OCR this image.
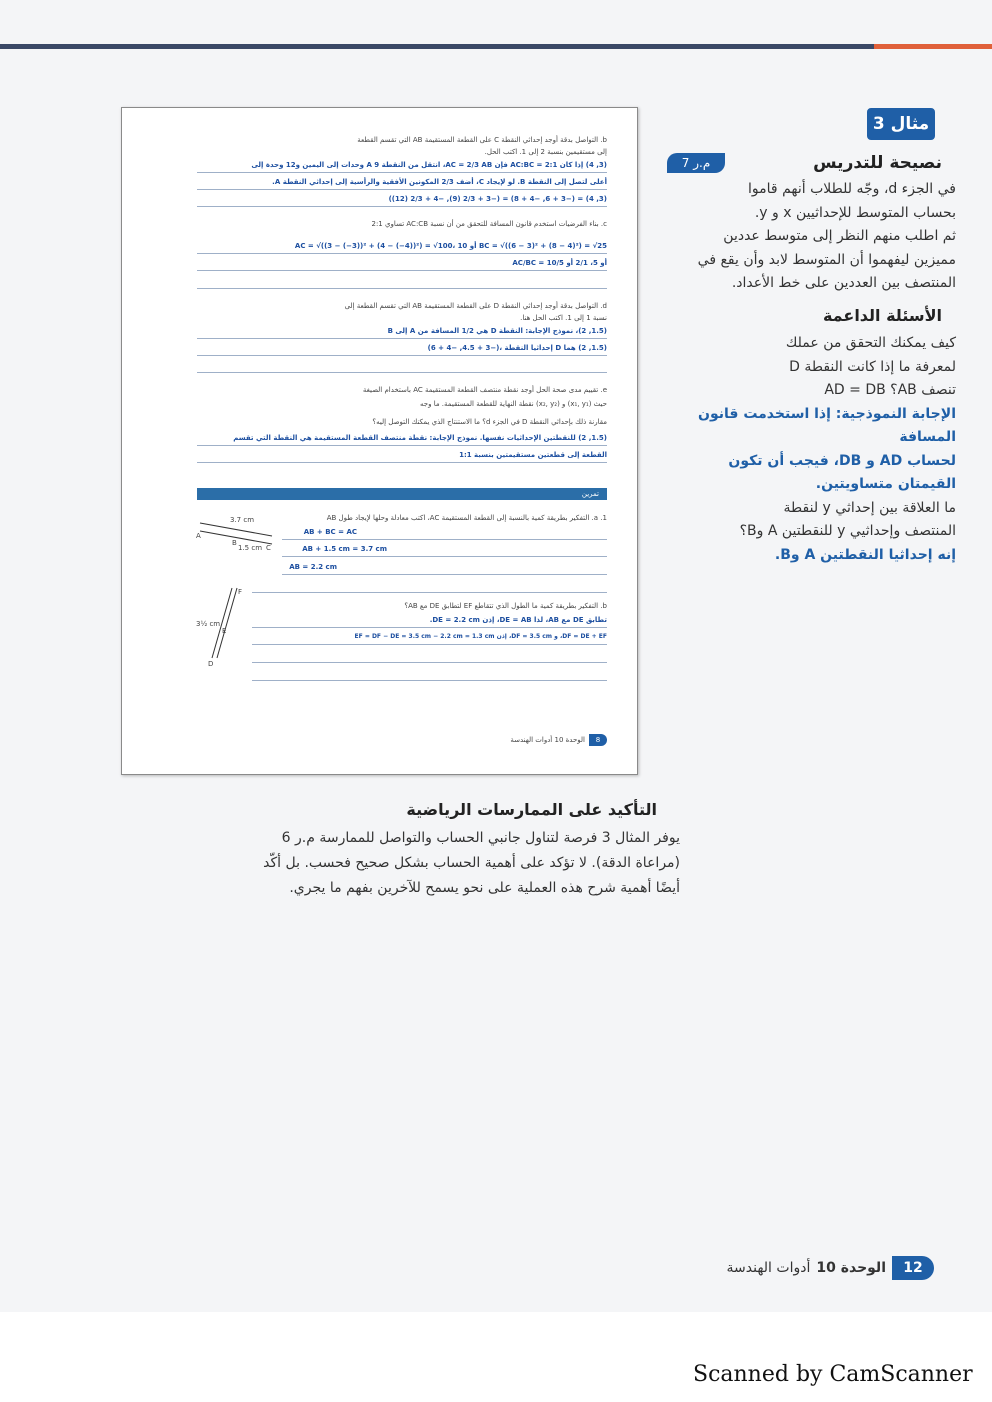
b. التواصل بدقة أوجد إحداثي النقطة C على القطعة المستقيمة AB التي تقسم القطعة
إلى مستقيمين بنسبة 2 إلى 1. اكتب الحل.
(3, 4) إذا كان AC:BC = 2:1 فإن AC = 2/3 AB، انتقل من النقطة A 9 وحدات إلى اليمين و12 وحدة إلى
أعلى لتصل إلى النقطة B. لو لإيجاد C، أضف 2/3 المكونين الأفقية والرأسية إلى إحداثي النقطة A.
(3, 4) = (−3 + 6, −4 + 8) = (−3 + 2/3 (9), −4 + 2/3 (12))
c. بناء الفرضيات استخدم قانون المسافة للتحقق من أن نسبة AC:CB تساوي 2:1
BC = √((6 − 3)² + (8 − 4)²) = √25 أو 10 ،AC = √((3 − (−3))² + (4 − (−4))²) = √100
أو 5، 2/1 أو AC/BC = 10/5
d. التواصل بدقة أوجد إحداثي النقطة D على القطعة المستقيمة AB التي تقسم القطعة إلى
نسبة 1 إلى 1. اكتب الحل هنا.
(1.5, 2)، نموذج الإجابة: النقطة D هي 1/2 المسافة من A إلى B
(1.5, 2) هما D إحداثيا النقطة ،(−3 + 4.5, −4 + 6)
e. تقييم مدى صحة الحل أوجد نقطة منتصف القطعة المستقيمة AC باستخدام الصيغة
حيث (x₁, y₁) و (x₂, y₂) نقطة النهاية للقطعة المستقيمة. ما وجه
مقارنة ذلك بإحداثي النقطة D في الجزء d؟ ما الاستنتاج الذي يمكنك التوصل إليه؟
(1.5, 2) للنقطتين الإحداثيات نفسها. نموذج الإجابة: نقطة منتصف القطعة المستقيمة هي النقطة التي تقسم
القطعة إلى قطعتين مستقيمتين بنسبة 1:1
تمرين
1. a. التفكير بطريقة كمية بالنسبة إلى القطعة المستقيمة AC، اكتب معادلة وحلها لإيجاد طول AB
AB + BC = AC
AB + 1.5 cm = 3.7 cm
AB = 2.2 cm
b. التفكير بطريقة كمية ما الطول الذي تتقاطع EF لتطابق DE مع AB؟
تطابق DE مع AB، لذا DE = AB، إذن DE = 2.2 cm.
DF = DE + EF، و DF = 3.5 cm، إذن EF = DF − DE = 3.5 cm − 2.2 cm = 1.3 cm
3.7 cm
1.5 cm
A
B
C
3½ cm
D
E
F
8
الوحدة 10 أدوات الهندسة
مثال 3
نصيحة للتدريس
م.ر 7
في الجزء d، وجّه للطلاب أنهم قاموا
بحساب المتوسط للإحداثيين x و y.
ثم اطلب منهم النظر إلى متوسط عددين
مميزين ليفهموا أن المتوسط لابد وأن يقع في
المنتصف بين العددين على خط الأعداد.
الأسئلة الداعمة
كيف يمكنك التحقق من عملك
لمعرفة ما إذا كانت النقطة D
تنصف AB؟ AD = DB
الإجابة النموذجية: إذا استخدمت قانون المسافة
لحساب AD و DB، فيجب أن تكون
القيمتان متساويتين.
ما العلاقة بين إحداثي y لنقطة
المنتصف وإحداثيي y للنقطتين A وB؟
إنه إحداثيا النقطتين A وB.
التأكيد على الممارسات الرياضية
يوفر المثال 3 فرصة لتناول جانبي الحساب والتواصل للممارسة م.ر 6
(مراعاة الدقة). لا تؤكد على أهمية الحساب بشكل صحيح فحسب. بل أكّد
أيضًا أهمية شرح هذه العملية على نحو يسمح للآخرين بفهم ما يجري.
12
الوحدة 10
أدوات الهندسة
Scanned by CamScanner
